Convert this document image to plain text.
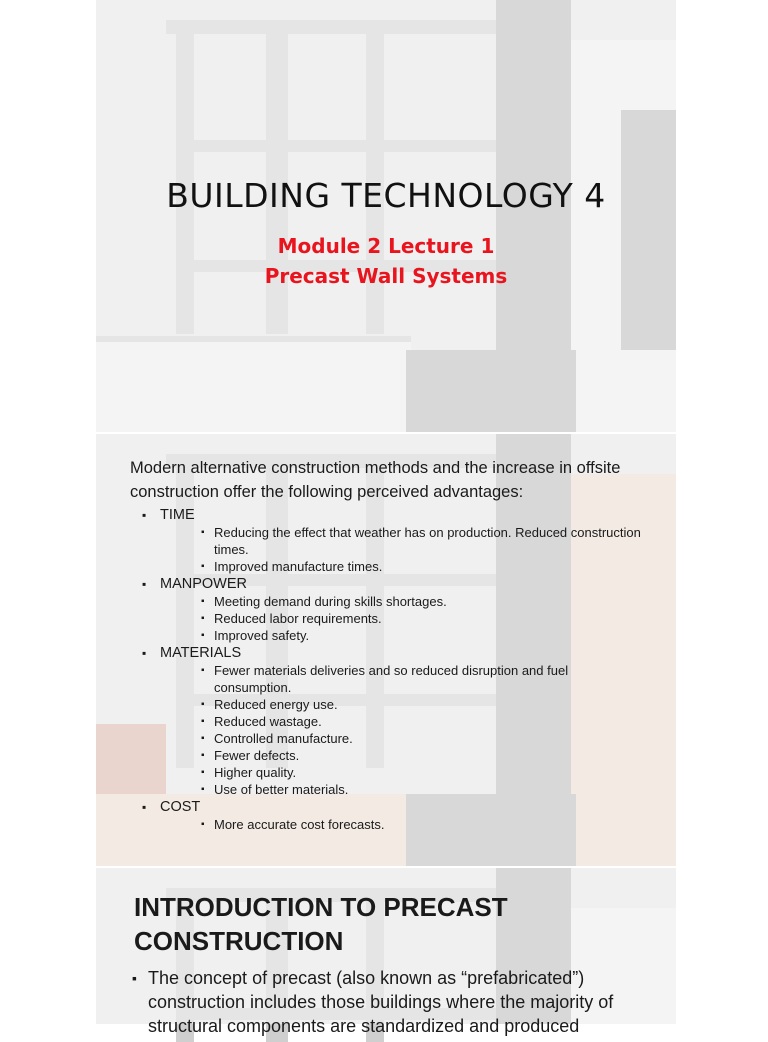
BUILDING TECHNOLOGY 4
Module 2 Lecture 1
Precast Wall Systems

Modern alternative construction methods and the increase in offsite construction offer the following perceived advantages:

▪ TIME
▪ Reducing the effect that weather has on production. Reduced construction times.
▪ Improved manufacture times.
▪ MANPOWER
▪ Meeting demand during skills shortages.
▪ Reduced labor requirements.
▪ Improved safety.
▪ MATERIALS
▪ Fewer materials deliveries and so reduced disruption and fuel consumption.
▪ Reduced energy use.
▪ Reduced wastage.
▪ Controlled manufacture.
▪ Fewer defects.
▪ Higher quality.
▪ Use of better materials.
▪ COST
▪ More accurate cost forecasts.
INTRODUCTION TO PRECAST CONSTRUCTION
▪ The concept of precast (also known as “prefabricated”) construction includes those buildings where the majority of structural components are standardized and produced
